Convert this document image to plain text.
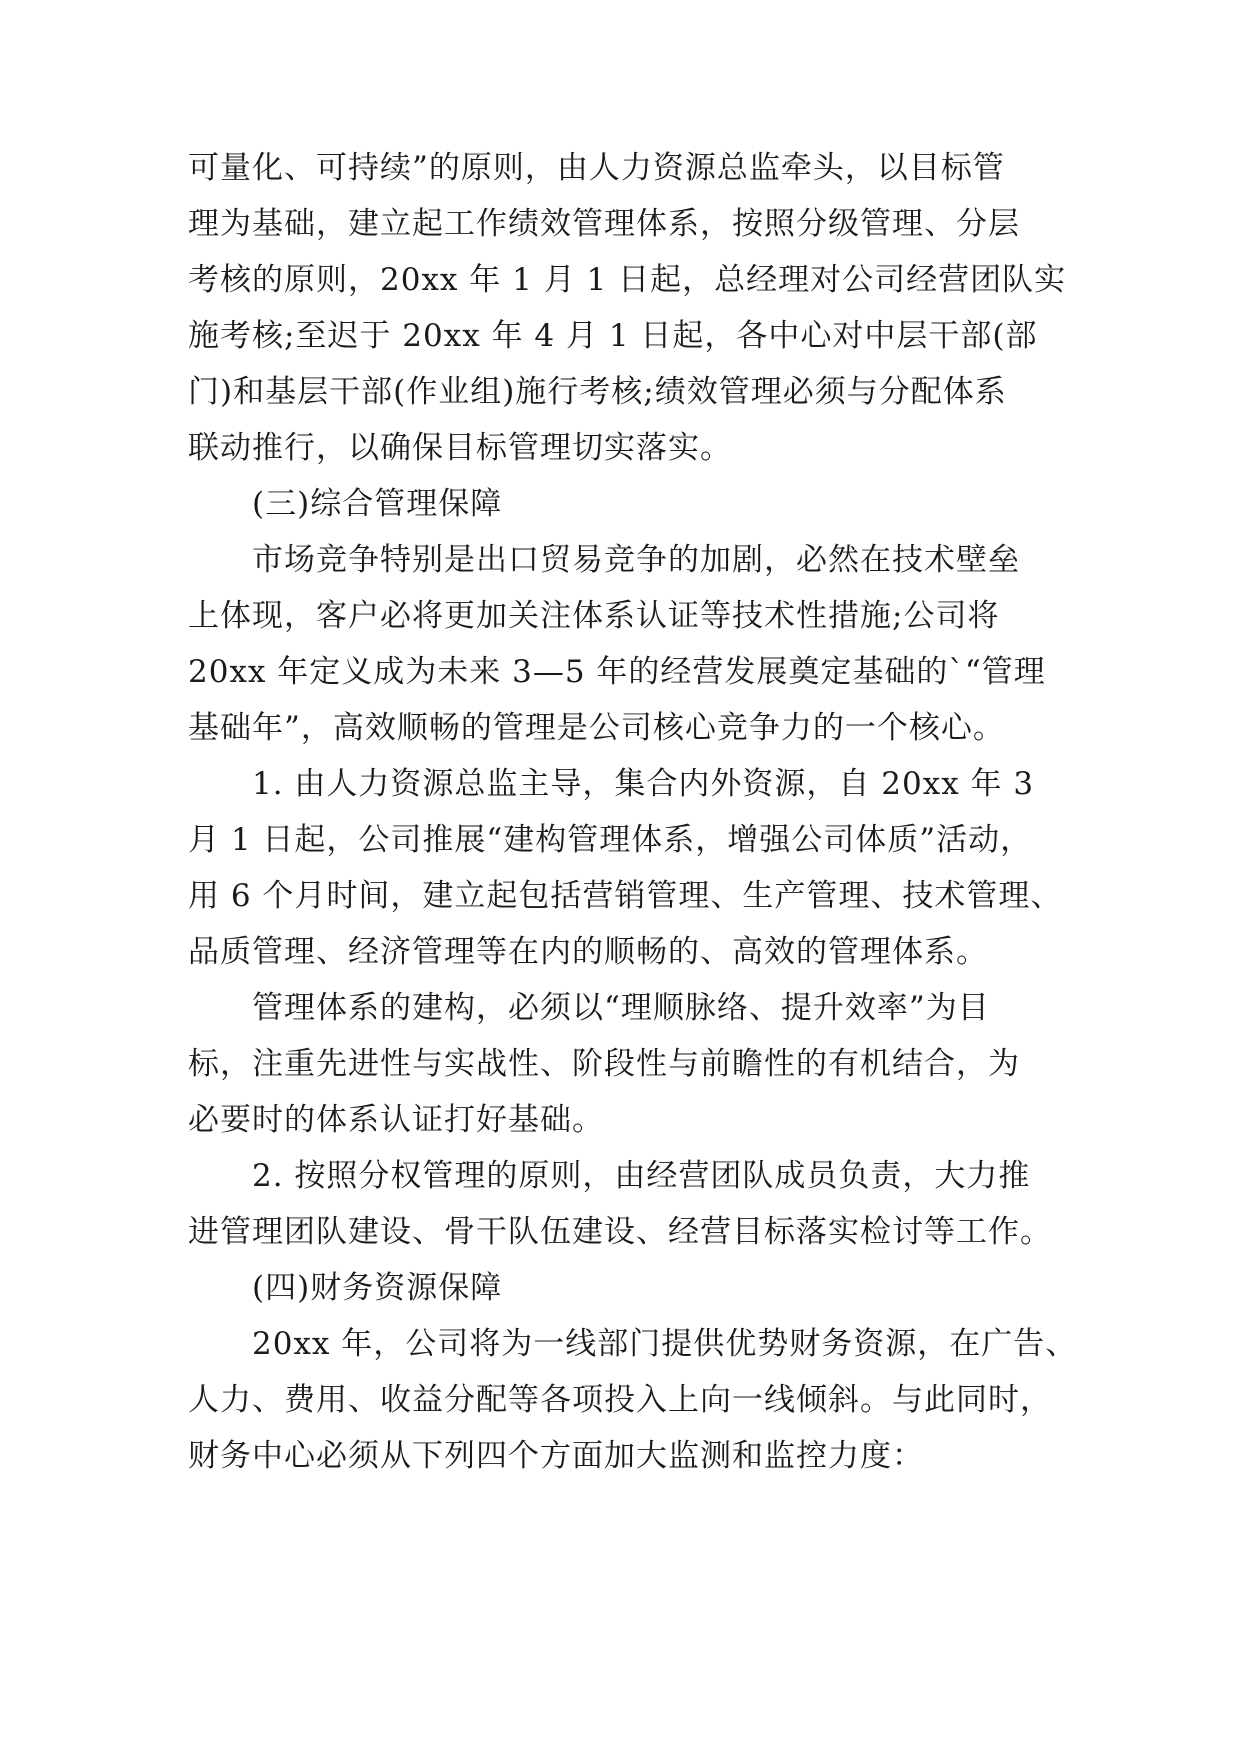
可量化、可持续”的原则，由人力资源总监牵头，以目标管
理为基础，建立起工作绩效管理体系，按照分级管理、分层
考核的原则，20xx 年 1 月 1 日起，总经理对公司经营团队实
施考核;至迟于 20xx 年 4 月 1 日起，各中心对中层干部(部
门)和基层干部(作业组)施行考核;绩效管理必须与分配体系
联动推行，以确保目标管理切实落实。
(三)综合管理保障
市场竞争特别是出口贸易竞争的加剧，必然在技术壁垒
上体现，客户必将更加关注体系认证等技术性措施;公司将
20xx 年定义成为未来 3—5 年的经营发展奠定基础的`“管理
基础年”，高效顺畅的管理是公司核心竞争力的一个核心。
1. 由人力资源总监主导，集合内外资源，自 20xx 年 3
月 1 日起，公司推展“建构管理体系，增强公司体质”活动，
用 6 个月时间，建立起包括营销管理、生产管理、技术管理、
品质管理、经济管理等在内的顺畅的、高效的管理体系。
管理体系的建构，必须以“理顺脉络、提升效率”为目
标，注重先进性与实战性、阶段性与前瞻性的有机结合，为
必要时的体系认证打好基础。
2. 按照分权管理的原则，由经营团队成员负责，大力推
进管理团队建设、骨干队伍建设、经营目标落实检讨等工作。
(四)财务资源保障
20xx 年，公司将为一线部门提供优势财务资源，在广告、
人力、费用、收益分配等各项投入上向一线倾斜。与此同时，
财务中心必须从下列四个方面加大监测和监控力度：
